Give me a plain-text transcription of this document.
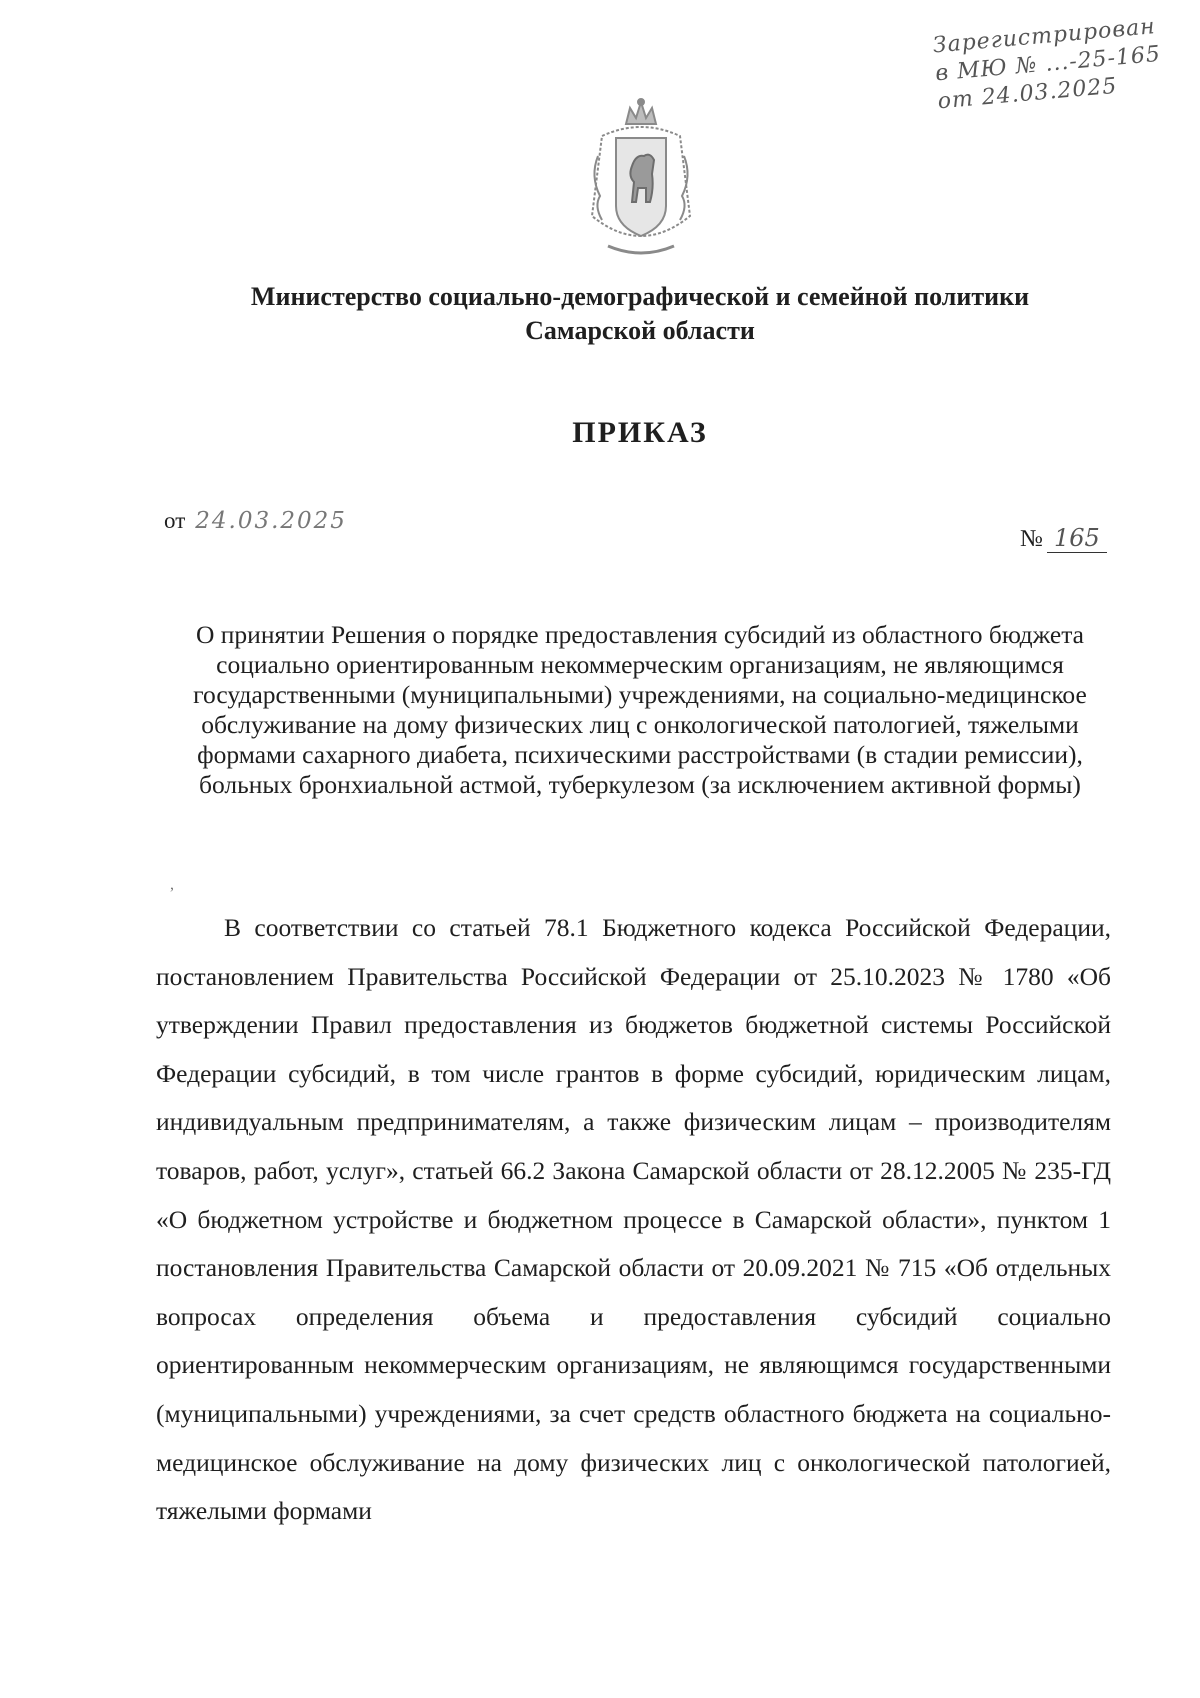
Зарегистрирован в МЮ № ...-25-165 от 24.03.2025
Министерство социально-демографической и семейной политики
Самарской области
ПРИКАЗ
от 24.03.2025
№ 165
О принятии Решения о порядке предоставления субсидий из областного бюджета социально ориентированным некоммерческим организациям, не являющимся государственными (муниципальными) учреждениями, на социально-медицинское обслуживание на дому физических лиц с онкологической патологией, тяжелыми формами сахарного диабета, психическими расстройствами (в стадии ремиссии), больных бронхиальной астмой, туберкулезом (за исключением активной формы)
,
В соответствии со статьей 78.1 Бюджетного кодекса Российской Федерации, постановлением Правительства Российской Федерации от 25.10.2023 № 1780 «Об утверждении Правил предоставления из бюджетов бюджетной системы Российской Федерации субсидий, в том числе грантов в форме субсидий, юридическим лицам, индивидуальным предпринимателям, а также физическим лицам – производителям товаров, работ, услуг», статьей 66.2 Закона Самарской области от 28.12.2005 № 235-ГД «О бюджетном устройстве и бюджетном процессе в Самарской области», пунктом 1 постановления Правительства Самарской области от 20.09.2021 № 715 «Об отдельных вопросах определения объема и предоставления субсидий социально ориентированным некоммерческим организациям, не являющимся государственными (муниципальными) учреждениями, за счет средств областного бюджета на социально-медицинское обслуживание на дому физических лиц с онкологической патологией, тяжелыми формами
